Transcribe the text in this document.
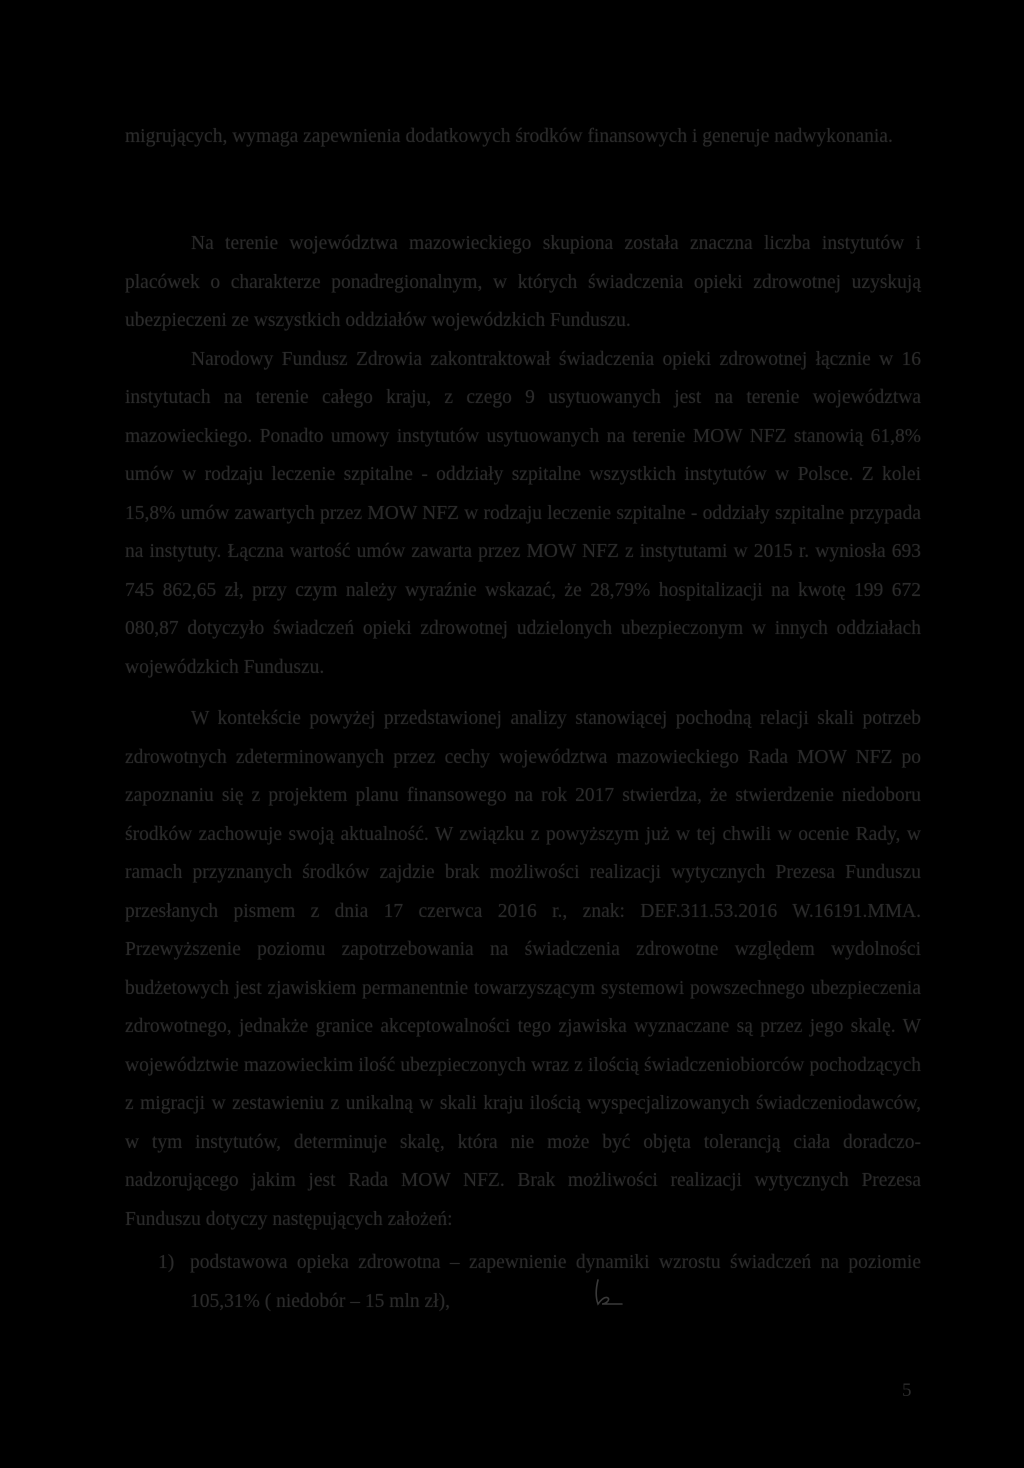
migrujących, wymaga zapewnienia dodatkowych środków finansowych i generuje nadwykonania.

Na terenie województwa mazowieckiego skupiona została znaczna liczba instytutów i placówek o charakterze ponadregionalnym, w których świadczenia opieki zdrowotnej uzyskują ubezpieczeni ze wszystkich oddziałów wojewódzkich Funduszu.

Narodowy Fundusz Zdrowia zakontraktował świadczenia opieki zdrowotnej łącznie w 16 instytutach na terenie całego kraju, z czego 9 usytuowanych jest na terenie województwa mazowieckiego. Ponadto umowy instytutów usytuowanych na terenie MOW NFZ stanowią 61,8% umów w rodzaju leczenie szpitalne - oddziały szpitalne wszystkich instytutów w Polsce. Z kolei 15,8% umów zawartych przez MOW NFZ w rodzaju leczenie szpitalne - oddziały szpitalne przypada na instytuty. Łączna wartość umów zawarta przez MOW NFZ z instytutami w 2015 r. wyniosła 693 745 862,65 zł, przy czym należy wyraźnie wskazać, że 28,79% hospitalizacji na kwotę 199 672 080,87 dotyczyło świadczeń opieki zdrowotnej udzielonych ubezpieczonym w innych oddziałach wojewódzkich Funduszu.

W kontekście powyżej przedstawionej analizy stanowiącej pochodną relacji skali potrzeb zdrowotnych zdeterminowanych przez cechy województwa mazowieckiego Rada MOW NFZ po zapoznaniu się z projektem planu finansowego na rok 2017 stwierdza, że stwierdzenie niedoboru środków zachowuje swoją aktualność. W związku z powyższym już w tej chwili w ocenie Rady, w ramach przyznanych środków zajdzie brak możliwości realizacji wytycznych Prezesa Funduszu przesłanych pismem z dnia 17 czerwca 2016 r., znak: DEF.311.53.2016 W.16191.MMA. Przewyższenie poziomu zapotrzebowania na świadczenia zdrowotne względem wydolności budżetowych jest zjawiskiem permanentnie towarzyszącym systemowi powszechnego ubezpieczenia zdrowotnego, jednakże granice akceptowalności tego zjawiska wyznaczane są przez jego skalę. W województwie mazowieckim ilość ubezpieczonych wraz z ilością świadczeniobiorców pochodzących z migracji w zestawieniu z unikalną w skali kraju ilością wyspecjalizowanych świadczeniodawców, w tym instytutów, determinuje skalę, która nie może być objęta tolerancją ciała doradczo-nadzorującego jakim jest Rada MOW NFZ. Brak możliwości realizacji wytycznych Prezesa Funduszu dotyczy następujących założeń:

1) podstawowa opieka zdrowotna – zapewnienie dynamiki wzrostu świadczeń na poziomie 105,31% ( niedobór – 15 mln zł),
5
